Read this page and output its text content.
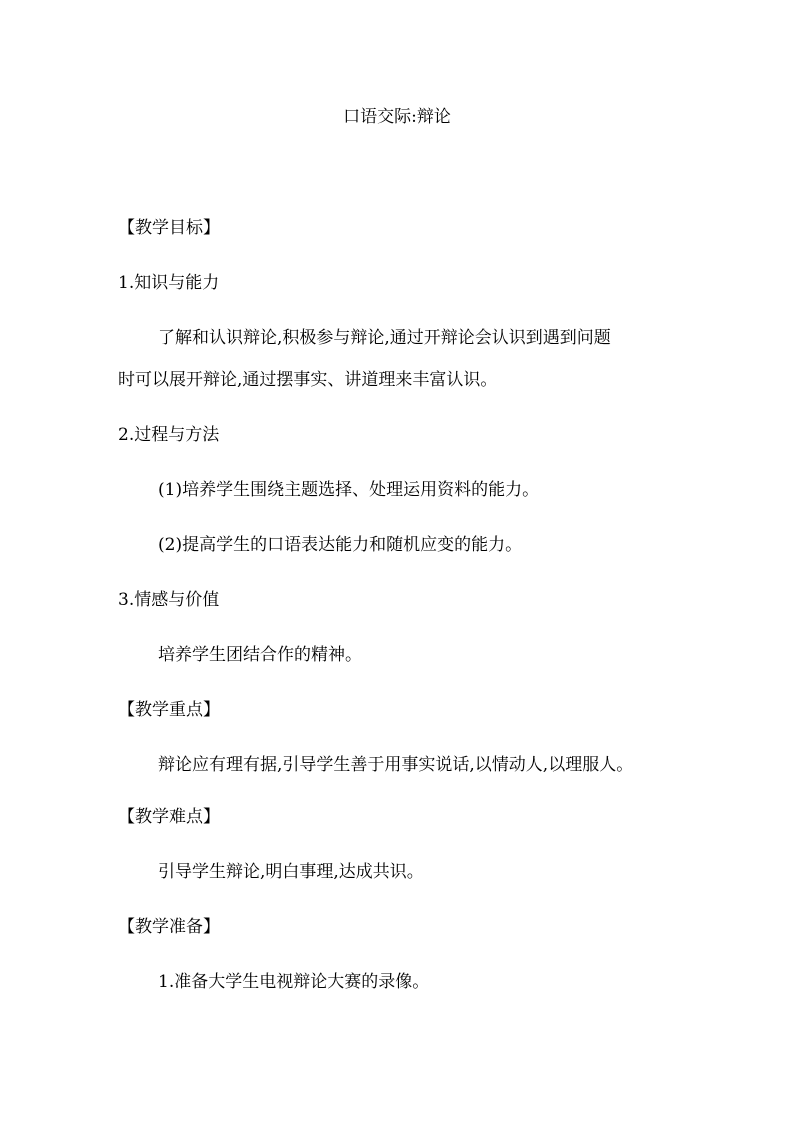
口语交际:辩论
【教学目标】
1.知识与能力
了解和认识辩论,积极参与辩论,通过开辩论会认识到遇到问题
时可以展开辩论,通过摆事实、讲道理来丰富认识。
2.过程与方法
(1)培养学生围绕主题选择、处理运用资料的能力。
(2)提高学生的口语表达能力和随机应变的能力。
3.情感与价值
培养学生团结合作的精神。
【教学重点】
辩论应有理有据,引导学生善于用事实说话,以情动人,以理服人。
【教学难点】
引导学生辩论,明白事理,达成共识。
【教学准备】
1.准备大学生电视辩论大赛的录像。
